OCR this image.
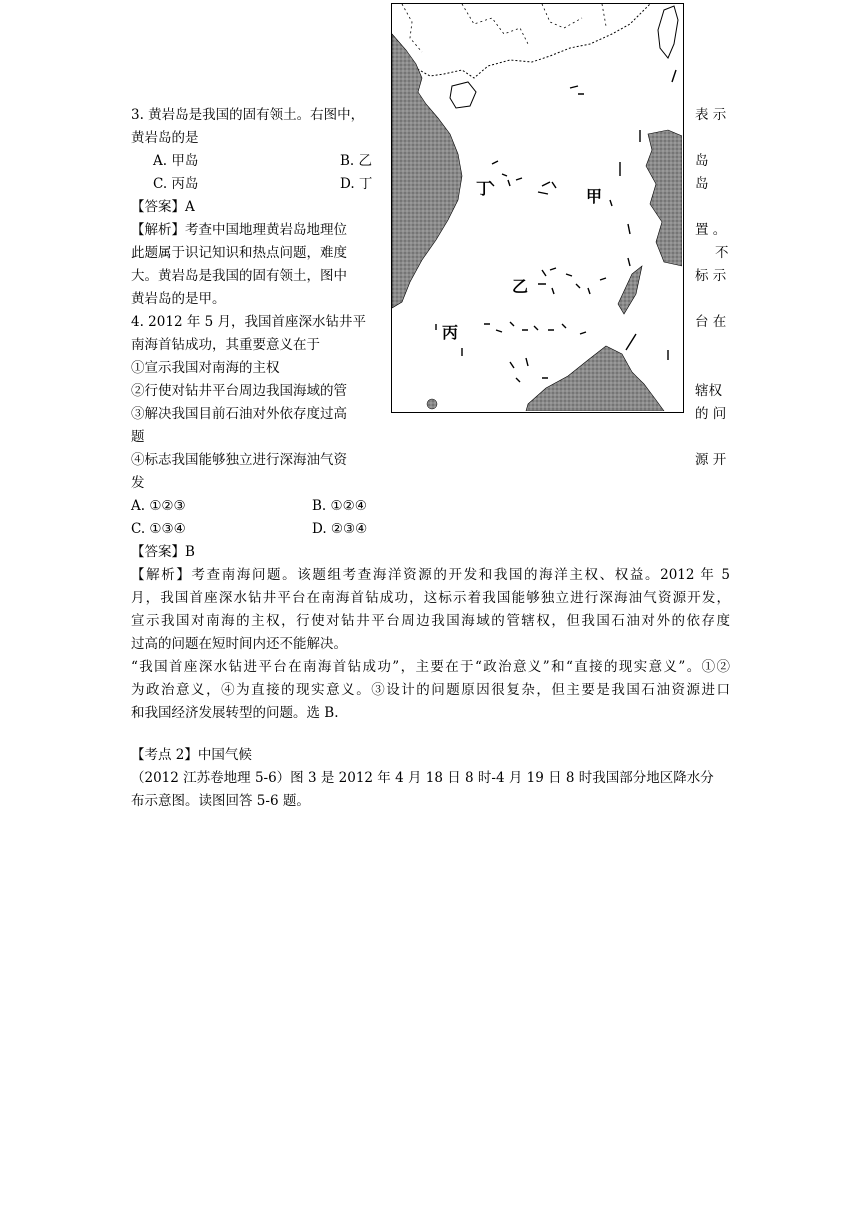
3. 黄岩岛是我国的固有领土。右图中，	表 示
黄岩岛的是
A. 甲岛	B. 乙	岛
C. 丙岛	D. 丁	岛
【答案】A
【解析】考查中国地理黄岩岛地理位	置 。
此题属于识记知识和热点问题，难度	不
大。黄岩岛是我国的固有领土，图中	标 示
黄岩岛的是甲。
4. 2012 年 5 月，我国首座深水钻井平	台 在
南海首钻成功，其重要意义在于
①宣示我国对南海的主权
②行使对钻井平台周边我国海域的管	辖权
③解决我国目前石油对外依存度过高	的 问
题
④标志我国能够独立进行深海油气资	源 开
发
A. ①②③	B. ①②④
C. ①③④	D. ②③④
【答案】B
【解析】考查南海问题。该题组考查海洋资源的开发和我国的海洋主权、权益。2012 年 5
月，我国首座深水钻井平台在南海首钻成功，这标示着我国能够独立进行深海油气资源开发，
宣示我国对南海的主权，行使对钻井平台周边我国海域的管辖权，但我国石油对外的依存度
过高的问题在短时间内还不能解决。
“我国首座深水钻进平台在南海首钻成功”，主要在于“政治意义”和“直接的现实意义”。①②
为政治意义，④为直接的现实意义。③设计的问题原因很复杂，但主要是我国石油资源进口
和我国经济发展转型的问题。选 B.
【考点 2】中国气候
（2012 江苏卷地理 5-6）图 3 是 2012 年 4 月 18 日 8 时-4 月 19 日 8 时我国部分地区降水分
布示意图。读图回答 5-6 题。
丁	甲
乙
丙
